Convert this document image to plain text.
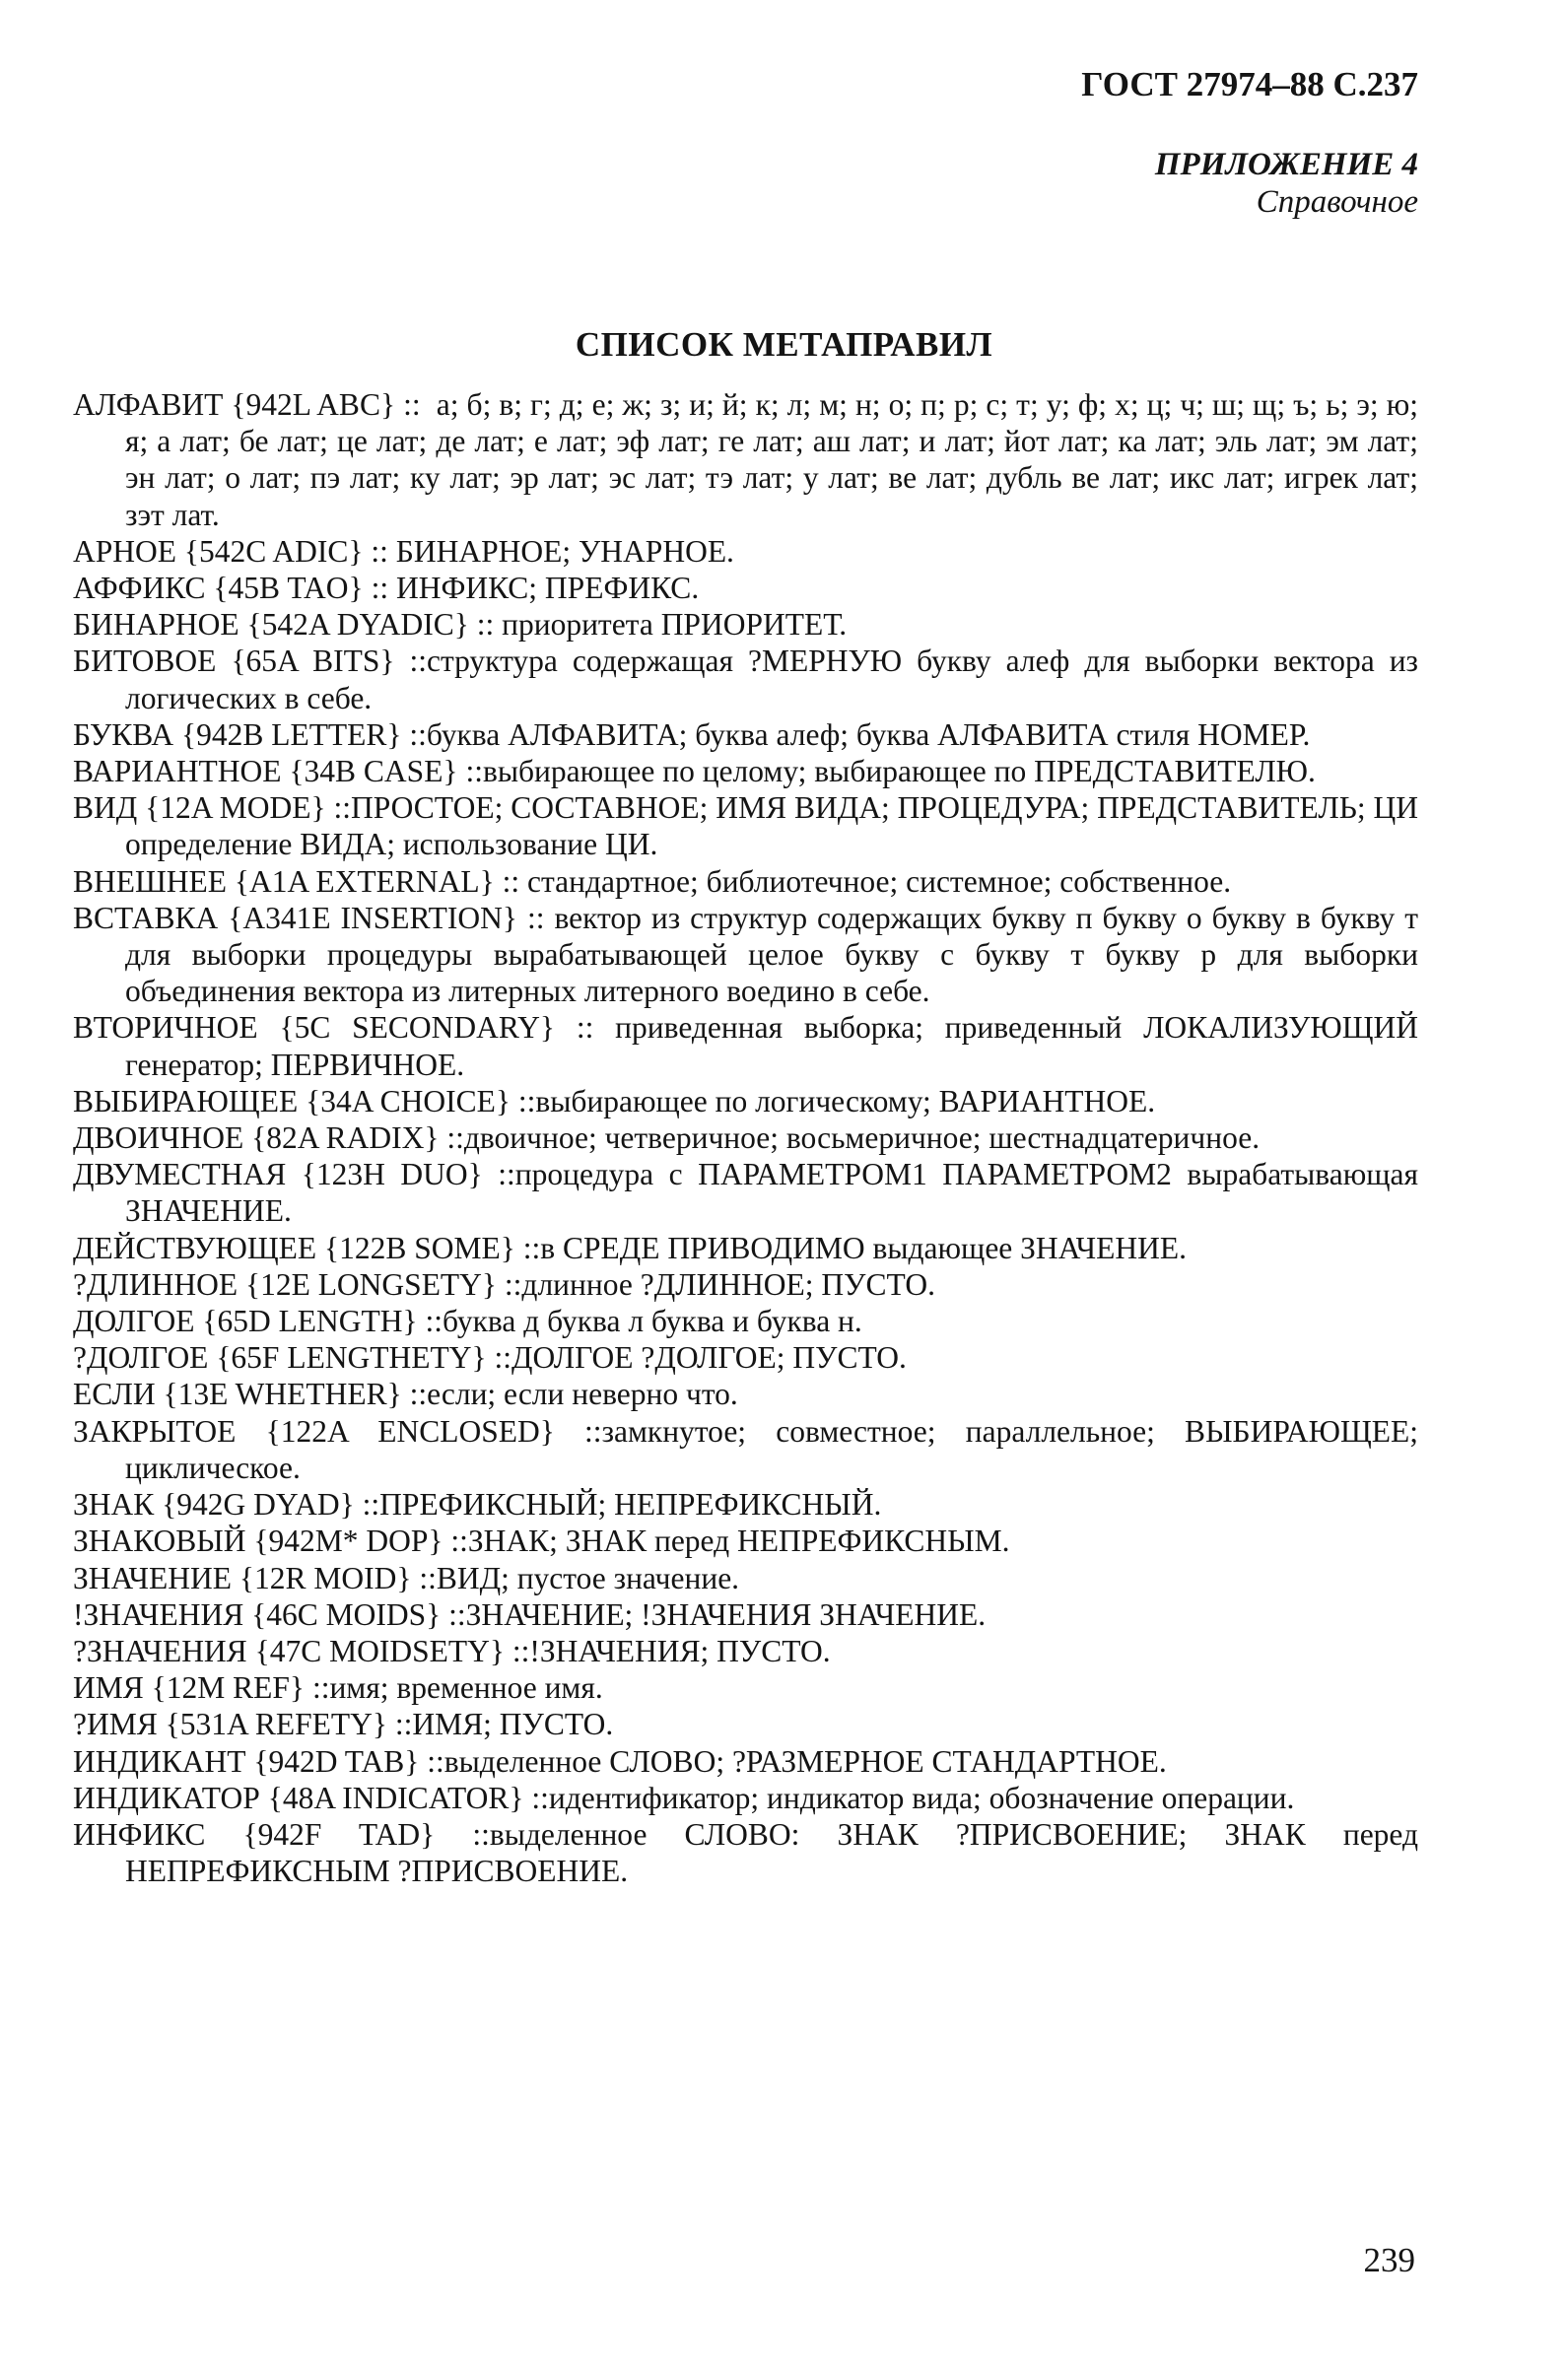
ГОСТ 27974–88 С.237
ПРИЛОЖЕНИЕ 4
Справочное
СПИСОК МЕТАПРАВИЛ
АЛФАВИТ {942L ABC} ::  а; б; в; г; д; е; ж; з; и; й; к; л; м; н; о; п; р; с; т; у; ф; х; ц; ч; ш; щ; ъ; ь; э; ю; я; а лат; бе лат; це лат; де лат; е лат; эф лат; ге лат; аш лат; и лат; йот лат; ка лат; эль лат; эм лат; эн лат; о лат; пэ лат; ку лат; эр лат; эс лат; тэ лат; у лат; ве лат; дубль ве лат; икс лат; игрек лат; зэт лат.
АРНОЕ {542C ADIC} :: БИНАРНОЕ; УНАРНОЕ.
АФФИКС {45B TAO} :: ИНФИКС; ПРЕФИКС.
БИНАРНОЕ {542A DYADIC} :: приоритета ПРИОРИТЕТ.
БИТОВОЕ {65A BITS} ::структура содержащая ?МЕРНУЮ букву алеф для выборки вектора из логических в себе.
БУКВА {942B LETTER} ::буква АЛФАВИТА; буква алеф; буква АЛФАВИТА стиля НОМЕР.
ВАРИАНТНОЕ {34B CASE} ::выбирающее по целому; выбирающее по ПРЕДСТАВИТЕЛЮ.
ВИД {12A MODE} ::ПРОСТОЕ; СОСТАВНОЕ; ИМЯ ВИДА; ПРОЦЕДУРА; ПРЕДСТАВИТЕЛЬ; ЦИ определение ВИДА; использование ЦИ.
ВНЕШНЕЕ {A1A EXTERNAL} :: стандартное; библиотечное; системное; собственное.
ВСТАВКА {A341E INSERTION} :: вектор из структур содержащих букву п букву о букву в букву т для выборки процедуры вырабатывающей целое букву с букву т букву р для выборки объединения вектора из литерных литерного воедино в себе.
ВТОРИЧНОЕ {5C SECONDARY} :: приведенная выборка; приведенный ЛОКАЛИЗУЮЩИЙ генератор; ПЕРВИЧНОЕ.
ВЫБИРАЮЩЕЕ {34A CHOICE} ::выбирающее по логическому; ВАРИАНТНОЕ.
ДВОИЧНОЕ {82A RADIX} ::двоичное; четверичное; восьмеричное; шестнадцатеричное.
ДВУМЕСТНАЯ {123H DUO} ::процедура с ПАРАМЕТРОМ1 ПАРАМЕТРОМ2 вырабатывающая ЗНАЧЕНИЕ.
ДЕЙСТВУЮЩЕЕ {122B SOME} ::в СРЕДЕ ПРИВОДИМО выдающее ЗНАЧЕНИЕ.
?ДЛИННОЕ {12E LONGSETY} ::длинное ?ДЛИННОЕ; ПУСТО.
ДОЛГОЕ {65D LENGTH} ::буква д буква л буква и буква н.
?ДОЛГОЕ {65F LENGTHETY} ::ДОЛГОЕ ?ДОЛГОЕ; ПУСТО.
ЕСЛИ {13E WHETHER} ::если; если неверно что.
ЗАКРЫТОЕ {122A ENCLOSED} ::замкнутое; совместное; параллельное; ВЫБИРАЮЩЕЕ; циклическое.
ЗНАК {942G DYAD} ::ПРЕФИКСНЫЙ; НЕПРЕФИКСНЫЙ.
ЗНАКОВЫЙ {942M* DOP} ::ЗНАК; ЗНАК перед НЕПРЕФИКСНЫМ.
ЗНАЧЕНИЕ {12R MOID} ::ВИД; пустое значение.
!ЗНАЧЕНИЯ {46C MOIDS} ::ЗНАЧЕНИЕ; !ЗНАЧЕНИЯ ЗНАЧЕНИЕ.
?ЗНАЧЕНИЯ {47C MOIDSETY} ::!ЗНАЧЕНИЯ; ПУСТО.
ИМЯ {12M REF} ::имя; временное имя.
?ИМЯ {531A REFETY} ::ИМЯ; ПУСТО.
ИНДИКАНТ {942D TAB} ::выделенное СЛОВО; ?РАЗМЕРНОЕ СТАНДАРТНОЕ.
ИНДИКАТОР {48A INDICATOR} ::идентификатор; индикатор вида; обозначение операции.
ИНФИКС {942F TAD} ::выделенное СЛОВО: ЗНАК ?ПРИСВОЕНИЕ; ЗНАК перед НЕПРЕФИКСНЫМ ?ПРИСВОЕНИЕ.
239
